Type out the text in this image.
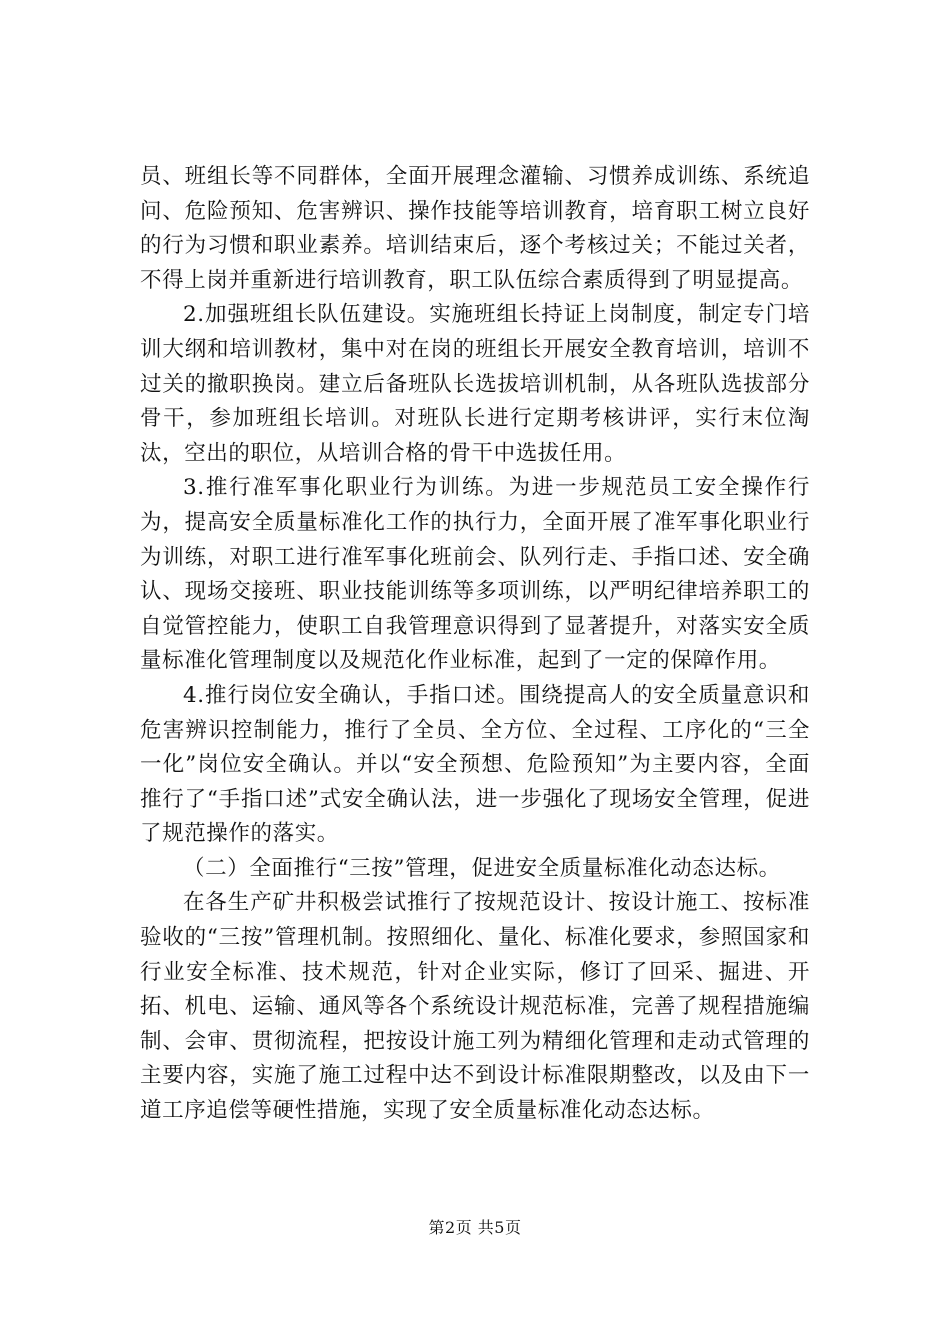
员、班组长等不同群体，全面开展理念灌输、习惯养成训练、系统追问、危险预知、危害辨识、操作技能等培训教育，培育职工树立良好的行为习惯和职业素养。培训结束后，逐个考核过关；不能过关者，不得上岗并重新进行培训教育，职工队伍综合素质得到了明显提高。

2.加强班组长队伍建设。实施班组长持证上岗制度，制定专门培训大纲和培训教材，集中对在岗的班组长开展安全教育培训，培训不过关的撤职换岗。建立后备班队长选拔培训机制，从各班队选拔部分骨干，参加班组长培训。对班队长进行定期考核讲评，实行末位淘汰，空出的职位，从培训合格的骨干中选拔任用。

3.推行准军事化职业行为训练。为进一步规范员工安全操作行为，提高安全质量标准化工作的执行力，全面开展了准军事化职业行为训练，对职工进行准军事化班前会、队列行走、手指口述、安全确认、现场交接班、职业技能训练等多项训练，以严明纪律培养职工的自觉管控能力，使职工自我管理意识得到了显著提升，对落实安全质量标准化管理制度以及规范化作业标准，起到了一定的保障作用。

4.推行岗位安全确认，手指口述。围绕提高人的安全质量意识和危害辨识控制能力，推行了全员、全方位、全过程、工序化的“三全一化”岗位安全确认。并以“安全预想、危险预知”为主要内容，全面推行了“手指口述”式安全确认法，进一步强化了现场安全管理，促进了规范操作的落实。

（二）全面推行“三按”管理，促进安全质量标准化动态达标。

在各生产矿井积极尝试推行了按规范设计、按设计施工、按标准验收的“三按”管理机制。按照细化、量化、标准化要求，参照国家和行业安全标准、技术规范，针对企业实际，修订了回采、掘进、开拓、机电、运输、通风等各个系统设计规范标准，完善了规程措施编制、会审、贯彻流程，把按设计施工列为精细化管理和走动式管理的主要内容，实施了施工过程中达不到设计标准限期整改，以及由下一道工序追偿等硬性措施，实现了安全质量标准化动态达标。

第2页 共5页
